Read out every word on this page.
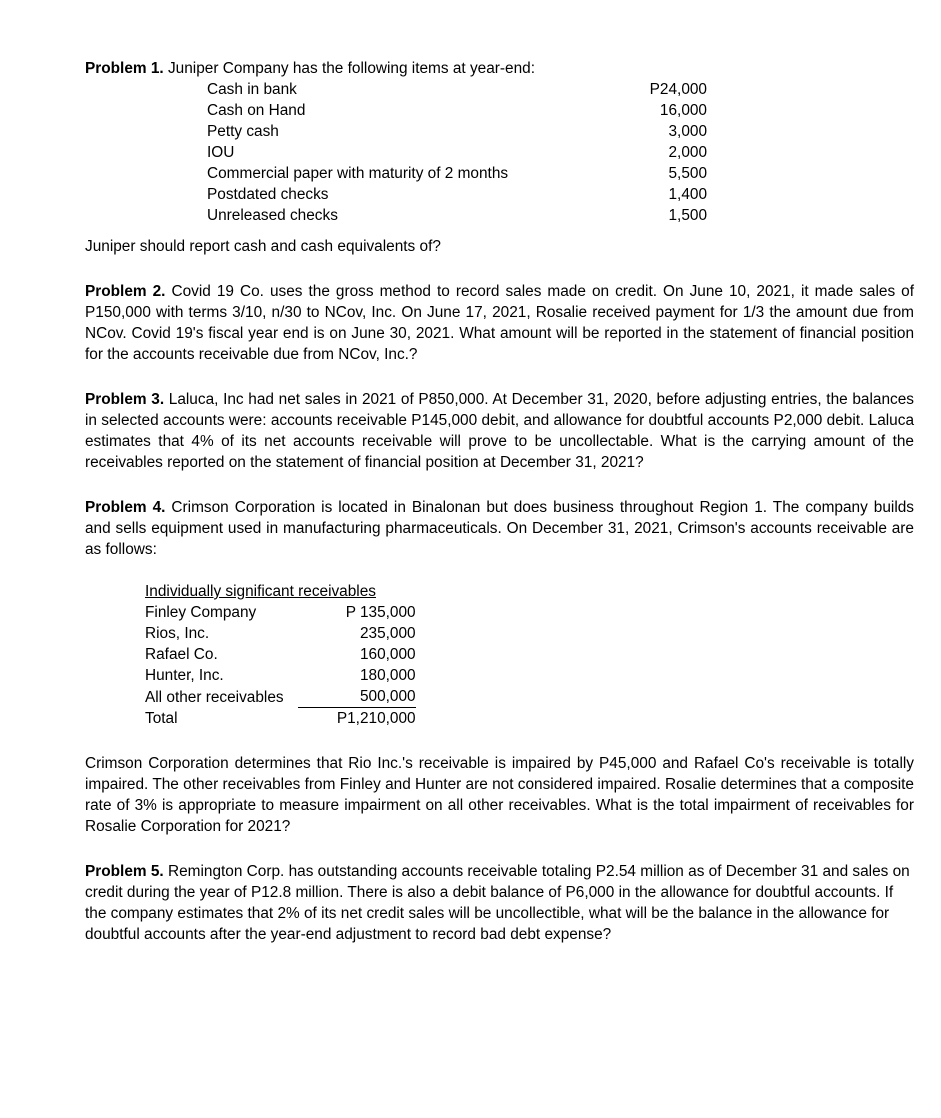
Problem 1. Juniper Company has the following items at year-end:

Cash in bank	P24,000
Cash on Hand	16,000
Petty cash	3,000
IOU	2,000
Commercial paper with maturity of 2 months	5,500
Postdated checks	1,400
Unreleased checks	1,500

Juniper should report cash and cash equivalents of?

Problem 2. Covid 19 Co. uses the gross method to record sales made on credit. On June 10, 2021, it made sales of P150,000 with terms 3/10, n/30 to NCov, Inc. On June 17, 2021, Rosalie received payment for 1/3 the amount due from NCov. Covid 19's fiscal year end is on June 30, 2021. What amount will be reported in the statement of financial position for the accounts receivable due from NCov, Inc.?

Problem 3. Laluca, Inc had net sales in 2021 of P850,000. At December 31, 2020, before adjusting entries, the balances in selected accounts were: accounts receivable P145,000 debit, and allowance for doubtful accounts P2,000 debit. Laluca estimates that 4% of its net accounts receivable will prove to be uncollectable. What is the carrying amount of the receivables reported on the statement of financial position at December 31, 2021?

Problem 4. Crimson Corporation is located in Binalonan but does business throughout Region 1. The company builds and sells equipment used in manufacturing pharmaceuticals. On December 31, 2021, Crimson's accounts receivable are as follows:

Individually significant receivables	
Finley Company	P 135,000
Rios, Inc.	235,000
Rafael Co.	160,000
Hunter, Inc.	180,000
All other receivables	500,000
Total	P1,210,000

Crimson Corporation determines that Rio Inc.'s receivable is impaired by P45,000 and Rafael Co's receivable is totally impaired. The other receivables from Finley and Hunter are not considered impaired. Rosalie determines that a composite rate of 3% is appropriate to measure impairment on all other receivables. What is the total impairment of receivables for Rosalie Corporation for 2021?

Problem 5. Remington Corp. has outstanding accounts receivable totaling P2.54 million as of December 31 and sales on credit during the year of P12.8 million. There is also a debit balance of P6,000 in the allowance for doubtful accounts. If the company estimates that 2% of its net credit sales will be uncollectible, what will be the balance in the allowance for doubtful accounts after the year-end adjustment to record bad debt expense?
